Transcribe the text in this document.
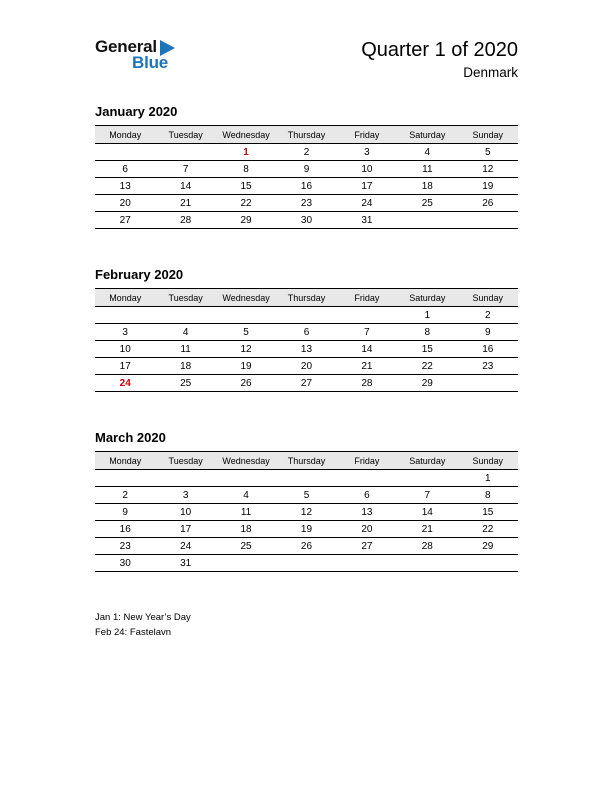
General
Blue
Quarter 1 of 2020
Denmark
January 2020
Monday	Tuesday	Wednesday	Thursday	Friday	Saturday	Sunday
		1	2	3	4	5
6	7	8	9	10	11	12
13	14	15	16	17	18	19
20	21	22	23	24	25	26
27	28	29	30	31		
February 2020
Monday	Tuesday	Wednesday	Thursday	Friday	Saturday	Sunday
					1	2
3	4	5	6	7	8	9
10	11	12	13	14	15	16
17	18	19	20	21	22	23
24	25	26	27	28	29	
March 2020
Monday	Tuesday	Wednesday	Thursday	Friday	Saturday	Sunday
						1
2	3	4	5	6	7	8
9	10	11	12	13	14	15
16	17	18	19	20	21	22
23	24	25	26	27	28	29
30	31					
Jan 1: New Year’s Day
Feb 24: Fastelavn
